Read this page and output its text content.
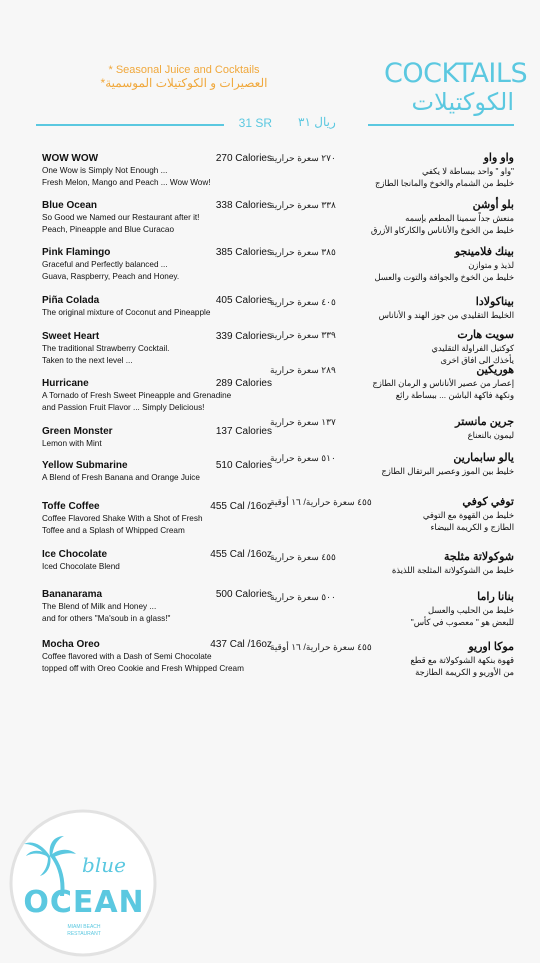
COCKTAILS
الكوكتيلات
* Seasonal Juice and Cocktails
العصيرات و الكوكتيلات الموسمية*
31 SR ريال ٣١
WOW WOW	270 Calories
One Wow is Simply Not Enough ...
Fresh Melon, Mango and Peach ... Wow Wow!
Blue Ocean	338 Calories
So Good we Named our Restaurant after it!
Peach, Pineapple and Blue Curacao
Pink Flamingo	385 Calories
Graceful and Perfectly balanced ...
Guava, Raspberry, Peach and Honey.
Piña Colada	405 Calories
The original mixture of Coconut and Pineapple
Sweet Heart	339 Calories
The traditional Strawberry Cocktail.
Taken to the next level ...
Hurricane	289 Calories
A Tornado of Fresh Sweet Pineapple and Grenadine
and Passion Fruit Flavor ... Simply Delicious!
Green Monster	137 Calories
Lemon with Mint
Yellow Submarine	510 Calories
A Blend of Fresh Banana and Orange Juice
Toffe Coffee	455 Cal /16oz
Coffee Flavored Shake With a Shot of Fresh
Toffee and a Splash of Whipped Cream
Ice Chocolate	455 Cal /16oz
Iced Chocolate Blend
Bananarama	500 Calories
The Blend of Milk and Honey ...
and for others "Ma'soub in a glass!"
Mocha Oreo	437 Cal /16oz
Coffee flavored with a Dash of Semi Chocolate
topped off with Oreo Cookie and Fresh Whipped Cream
واو واو
٢٧٠ سعرة حرارية
"واو " واحد ببساطة لا يكفي
خليط من الشمام والخوخ والمانجا الطازج
بلو أوشن
٣٣٨ سعرة حرارية
منعش جداً سمينا المطعم بإسمه
خليط من الخوخ والأناناس والكاركاو الأزرق
بينك فلامينجو
٣٨٥ سعرة حرارية
لذيذ و متوازن
خليط من الخوخ والجوافة والتوت والعسل
بيناكولادا
٤٠٥ سعرة حرارية
الخليط التقليدي من جوز الهند و الأناناس
سويت هارت
٣٣٩ سعرة حرارية
كوكتيل الفراولة التقليدي
يأخذك الى افاق اخرى
هوريكين
٢٨٩ سعرة حرارية
إعصار من عصير الأناناس و الرمان الطازج
ونكهة فاكهة الباشن ... ببساطة رائع
جرين مانستر
١٣٧ سعرة حرارية
ليمون بالنعناع
يالو سابمارين
٥١٠ سعرة حرارية
خليط بين الموز وعصير البرتقال الطازج
توفي كوفي
٤٥٥ سعرة حرارية/ ١٦ أوقية
خليط من القهوة مع التوفي
الطازج و الكريمة البيضاء
شوكولاتة مثلجة
٤٥٥ سعرة حرارية
خليط من الشوكولاتة المثلجة اللذيذة
بنانا راما
٥٠٠ سعرة حرارية
خليط من الحليب والعسل
للبعض هو " معصوب في كأس"
موكا اوريو
٤٥٥ سعرة حرارية/ ١٦ أوقية
قهوة بنكهة الشوكولاتة مع قطع
من الأوريو و الكريمة الطازجة
blue
OCEAN
MIAMI BEACH
RESTAURANT
